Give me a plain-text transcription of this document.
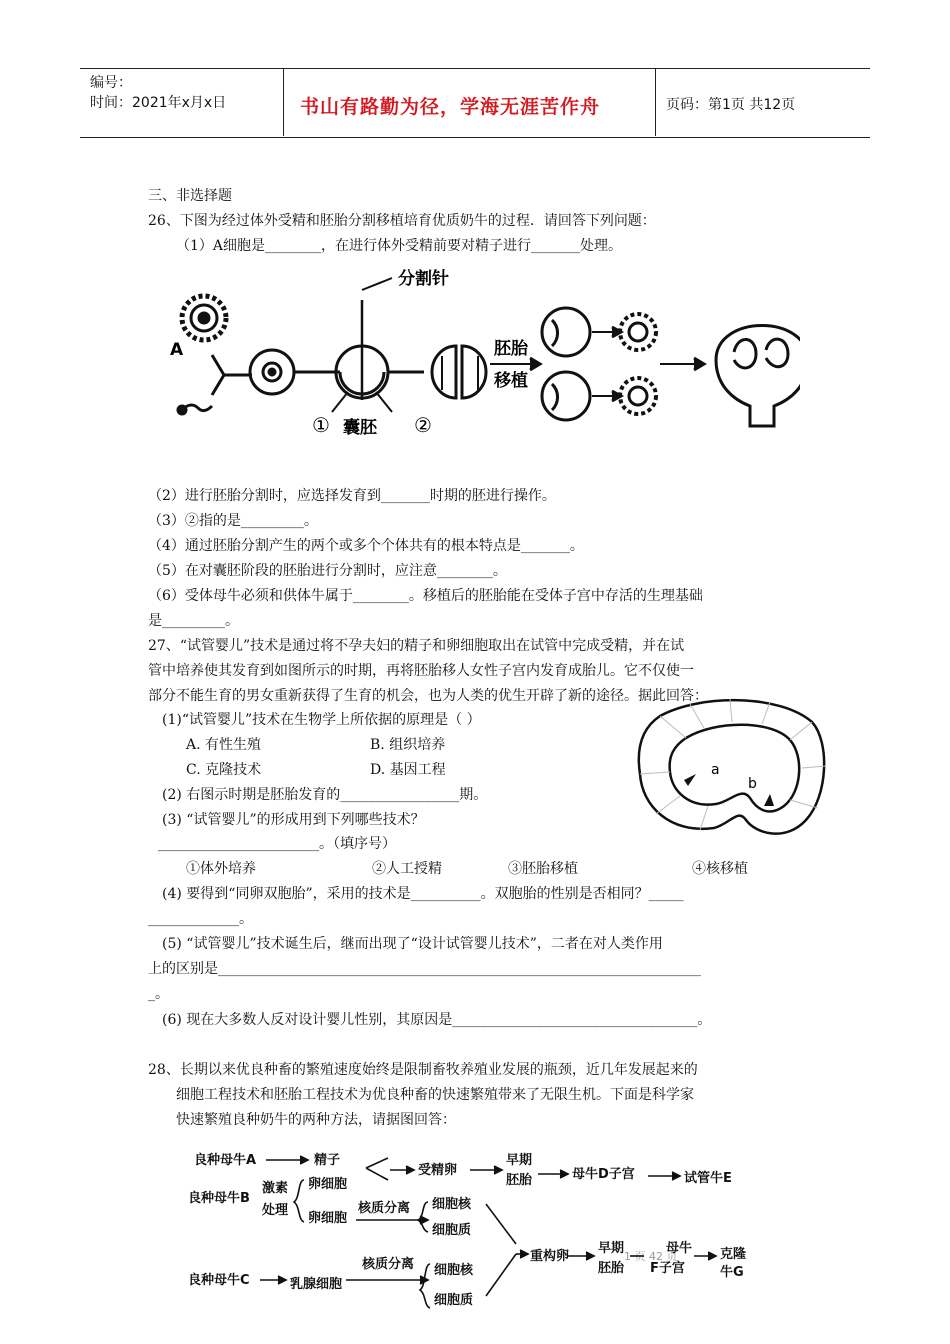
编号：
时间：2021年x月x日	书山有路勤为径，学海无涯苦作舟	页码：第1页 共12页
三、非选择题
26、下图为经过体外受精和胚胎分割移植培育优质奶牛的过程．请回答下列问题：
（1）A细胞是________，在进行体外受精前要对精子进行_______处理。
A
分割针
① 囊胚 ②
胚胎
移植
（2）进行胚胎分割时，应选择发育到_______时期的胚进行操作。
（3）②指的是_________。
（4）通过胚胎分割产生的两个或多个个体共有的根本特点是_______。
（5）在对囊胚阶段的胚胎进行分割时，应注意________。
（6）受体母牛必须和供体牛属于________。移植后的胚胎能在受体子宫中存活的生理基础
是_________。
27、“试管婴儿”技术是通过将不孕夫妇的精子和卵细胞取出在试管中完成受精，并在试
管中培养使其发育到如图所示的时期，再将胚胎移人女性子宫内发育成胎儿。它不仅使一
部分不能生育的男女重新获得了生育的机会，也为人类的优生开辟了新的途径。据此回答：
(1)“试管婴儿”技术在生物学上所依据的原理是（ ）
A. 有性生殖	B. 组织培养
C. 克隆技术	D. 基因工程
(2) 右图示时期是胚胎发育的_________________期。
(3) “试管婴儿”的形成用到下列哪些技术？
_______________________。（填序号）
①体外培养	②人工授精	③胚胎移植	④核移植
(4) 要得到“同卵双胞胎”，采用的技术是__________。双胞胎的性别是否相同？_____
_____________。
(5) “试管婴儿”技术诞生后，继而出现了“设计试管婴儿技术”，二者在对人类作用
上的区别是_____________________________________________________________________
_。
(6) 现在大多数人反对设计婴儿性别，其原因是___________________________________。
a
b
28、长期以来优良种畜的繁殖速度始终是限制畜牧养殖业发展的瓶颈，近几年发展起来的
细胞工程技术和胚胎工程技术为优良种畜的快速繁殖带来了无限生机。下面是科学家
快速繁殖良种奶牛的两种方法，请据图回答：
良种母牛A	精子
受精卵
早期
胚胎	母牛D子宫	试管牛E
良种母牛B
激素
处理
卵细胞
卵细胞
核质分离 细胞核
细胞质
重构卵
早期
胚胎
母牛
F子宫
克隆
牛G
良种母牛C	乳腺细胞
核质分离 细胞核
细胞质
1 页 42 页
